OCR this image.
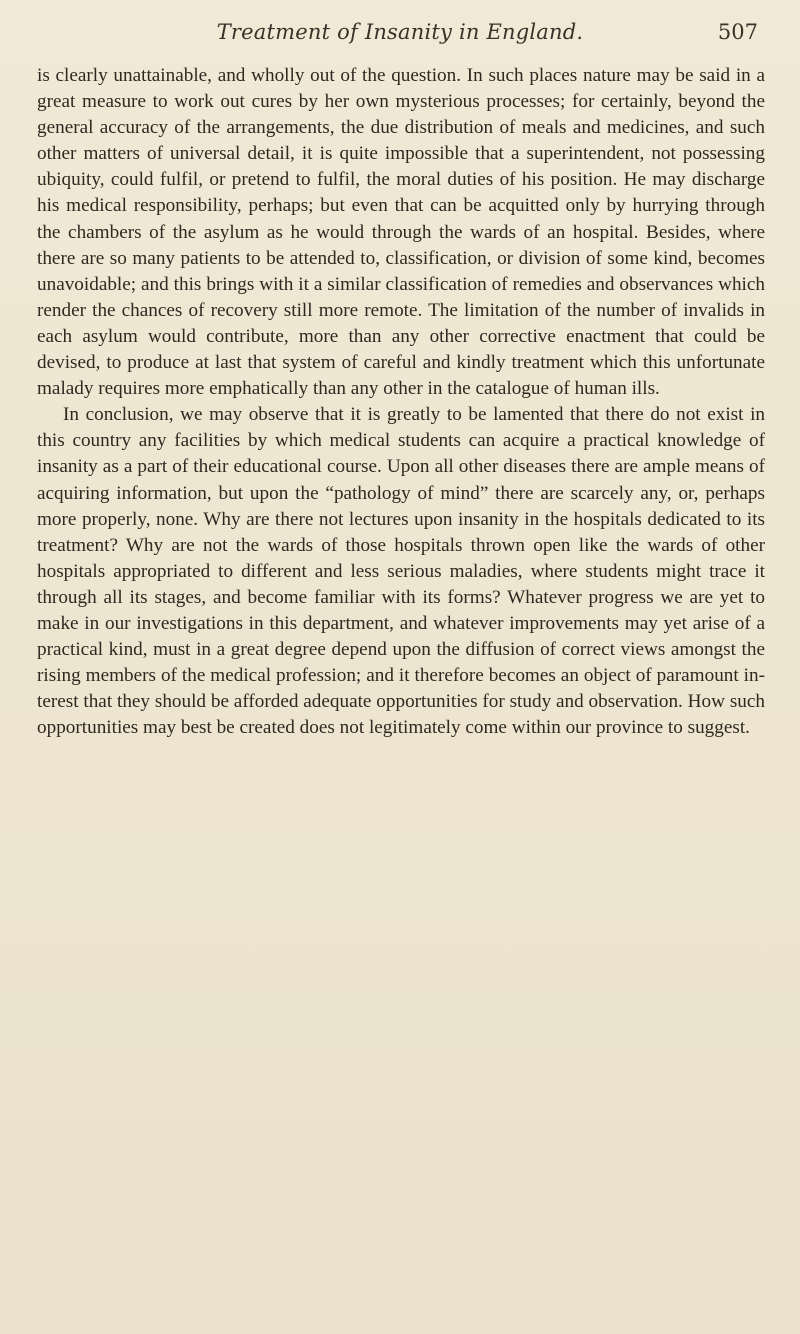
Treatment of Insanity in England.	507

is clearly unattainable, and wholly out of the question. In such places nature may be said in a great measure to work out cures by her own mysterious processes; for certainly, beyond the general accuracy of the arrangements, the due distribution of meals and medicines, and such other matters of universal detail, it is quite impossible that a superintendent, not possessing ubiquity, could fulfil, or pretend to fulfil, the moral duties of his position. He may discharge his medical responsibility, perhaps; but even that can be acquitted only by hurrying through the chambers of the asylum as he would through the wards of an hospital. Besides, where there are so many patients to be attended to, classification, or division of some kind, becomes unavoidable; and this brings with it a similar classification of remedies and observances which render the chances of recovery still more remote. The limitation of the number of invalids in each asylum would contribute, more than any other corrective enactment that could be devised, to produce at last that system of careful and kindly treatment which this unfortunate malady requires more emphatically than any other in the catalogue of human ills.

In conclusion, we may observe that it is greatly to be lamented that there do not exist in this country any facilities by which medical students can acquire a practical knowledge of insanity as a part of their educational course. Upon all other diseases there are ample means of acquiring information, but upon the “pathology of mind” there are scarcely any, or, perhaps more properly, none. Why are there not lectures upon insanity in the hospitals dedicated to its treatment? Why are not the wards of those hospitals thrown open like the wards of other hospitals appropriated to different and less serious maladies, where students might trace it through all its stages, and become familiar with its forms? Whatever progress we are yet to make in our investigations in this department, and whatever improvements may yet arise of a practical kind, must in a great degree depend upon the diffusion of correct views amongst the rising members of the medical profession; and it therefore becomes an object of paramount interest that they should be afforded adequate opportunities for study and observation. How such opportunities may best be created does not legitimately come within our province to suggest.
